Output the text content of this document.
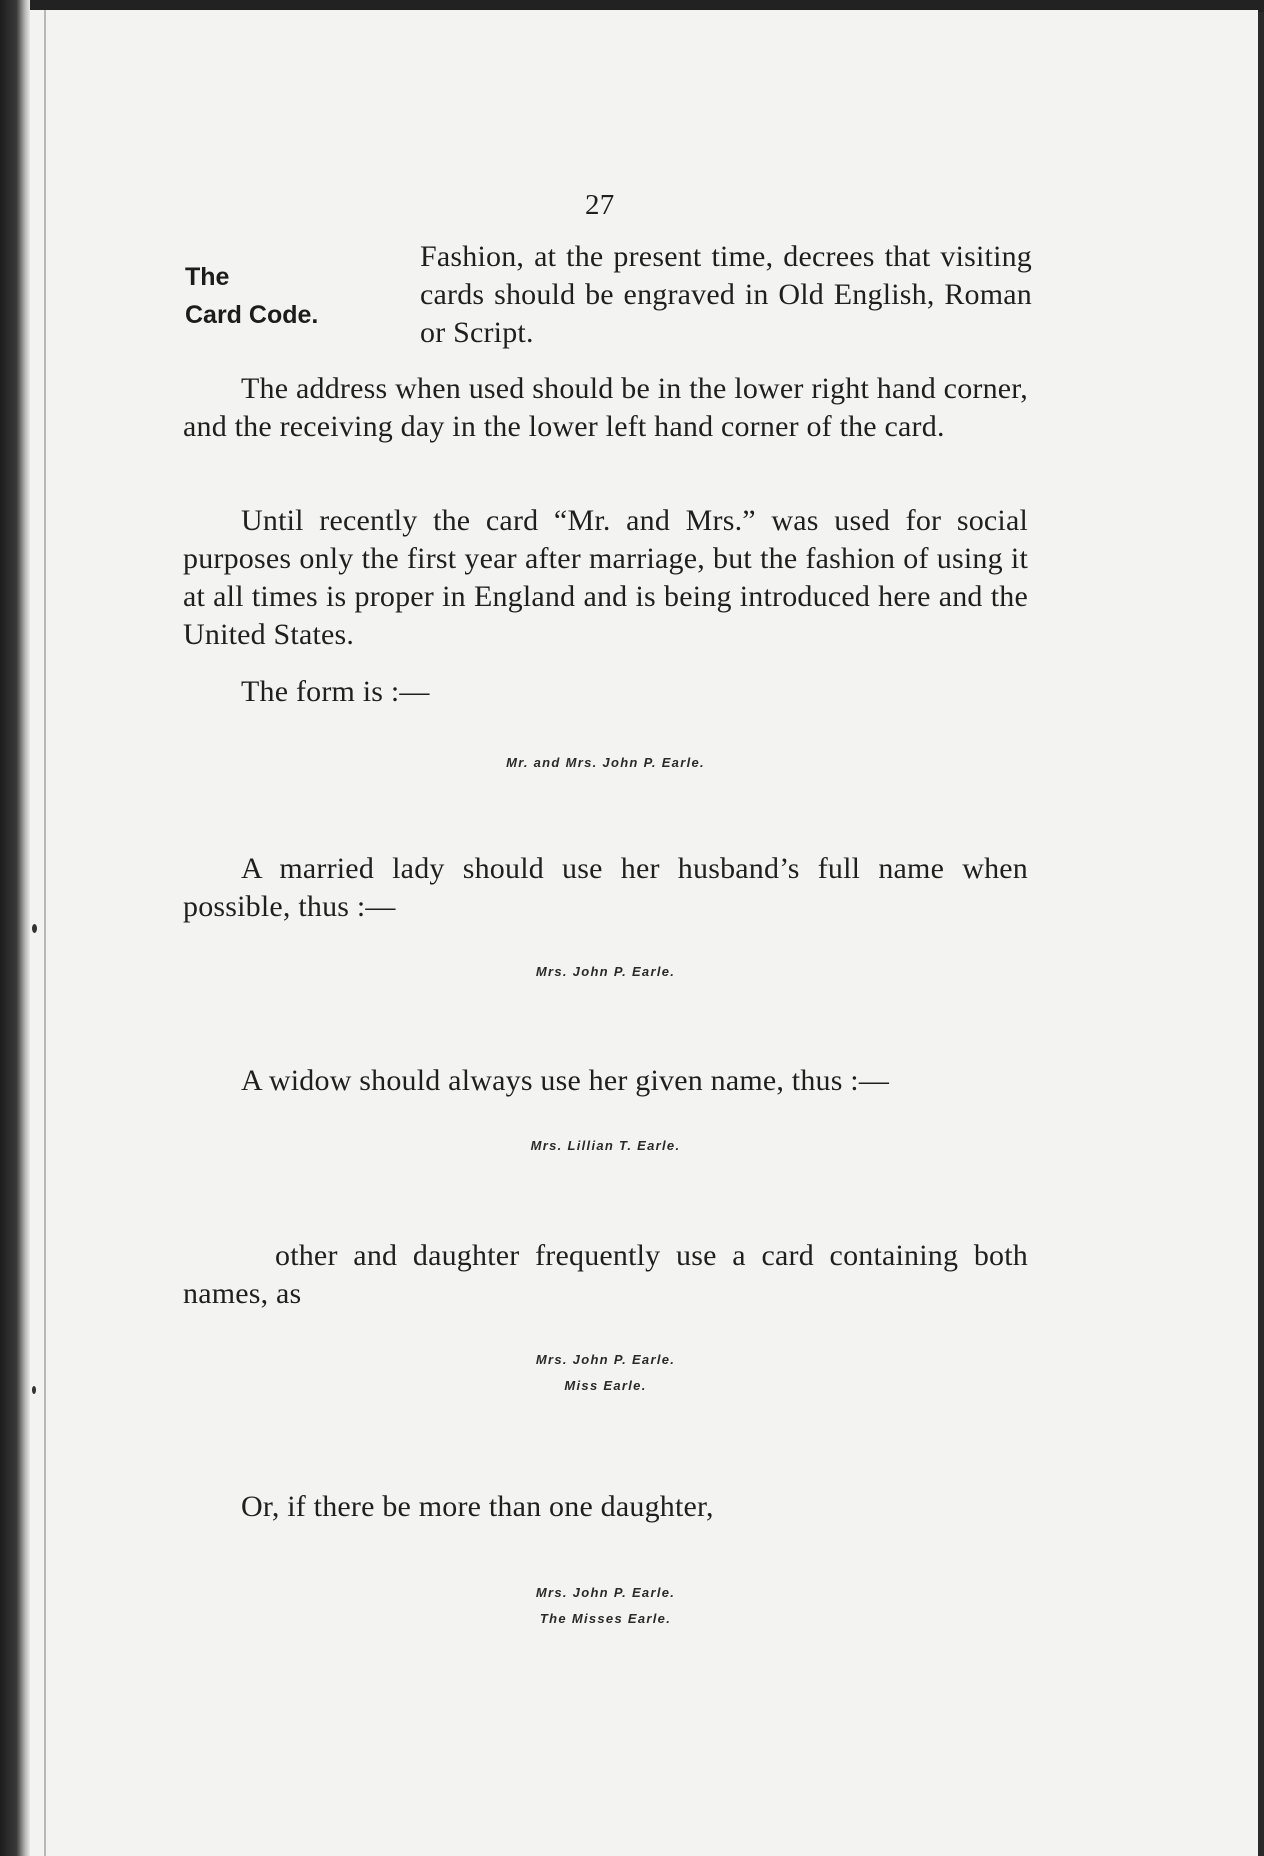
27
The
Card Code.
Fashion, at the present time, decrees that visiting cards should be engraved in Old English, Roman or Script.
The address when used should be in the lower right hand corner, and the receiving day in the lower left hand corner of the card.
Until recently the card “Mr. and Mrs.” was used for social purposes only the first year after marriage, but the fashion of using it at all times is proper in England and is being introduced here and the United States.
The form is :—
Mr. and Mrs. John P. Earle.
A married lady should use her husband’s full name when possible, thus :—
Mrs. John P. Earle.
A widow should always use her given name, thus :—
Mrs. Lillian T. Earle.
other and daughter frequently use a card containing both names, as
Mrs. John P. Earle.
Miss Earle.
Or, if there be more than one daughter,
Mrs. John P. Earle.
The Misses Earle.
